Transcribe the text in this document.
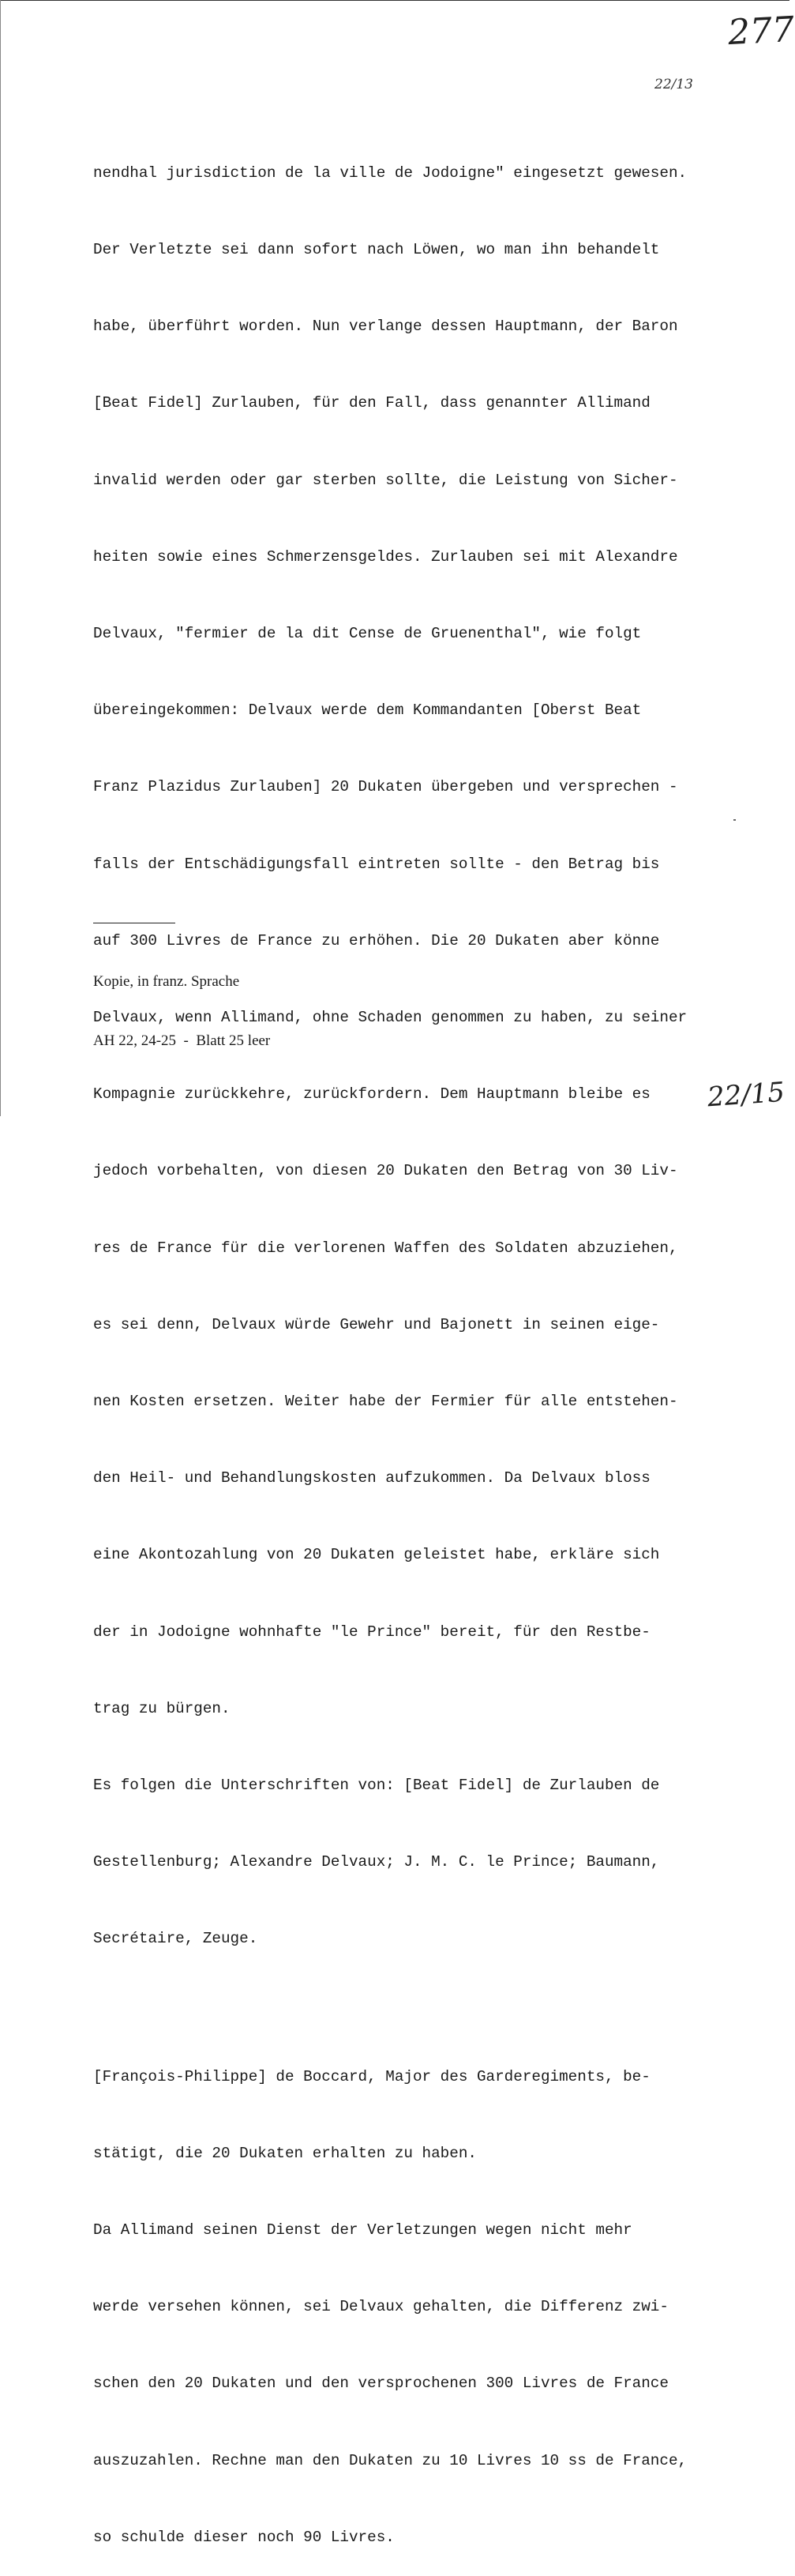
277
22/13

nendhal jurisdiction de la ville de Jodoigne" eingesetzt gewesen.

Der Verletzte sei dann sofort nach Löwen, wo man ihn behandelt

habe, überführt worden. Nun verlange dessen Hauptmann, der Baron

[Beat Fidel] Zurlauben, für den Fall, dass genannter Allimand

invalid werden oder gar sterben sollte, die Leistung von Sicher-

heiten sowie eines Schmerzensgeldes. Zurlauben sei mit Alexandre

Delvaux, "fermier de la dit Cense de Gruenenthal", wie folgt

übereingekommen: Delvaux werde dem Kommandanten [Oberst Beat

Franz Plazidus Zurlauben] 20 Dukaten übergeben und versprechen -

falls der Entschädigungsfall eintreten sollte - den Betrag bis

auf 300 Livres de France zu erhöhen. Die 20 Dukaten aber könne

Delvaux, wenn Allimand, ohne Schaden genommen zu haben, zu seiner

Kompagnie zurückkehre, zurückfordern. Dem Hauptmann bleibe es

jedoch vorbehalten, von diesen 20 Dukaten den Betrag von 30 Liv-

res de France für die verlorenen Waffen des Soldaten abzuziehen,

es sei denn, Delvaux würde Gewehr und Bajonett in seinen eige-

nen Kosten ersetzen. Weiter habe der Fermier für alle entstehen-

den Heil- und Behandlungskosten aufzukommen. Da Delvaux bloss

eine Akontozahlung von 20 Dukaten geleistet habe, erkläre sich

der in Jodoigne wohnhafte "le Prince" bereit, für den Restbe-

trag zu bürgen.

Es folgen die Unterschriften von: [Beat Fidel] de Zurlauben de

Gestellenburg; Alexandre Delvaux; J. M. C. le Prince; Baumann,

Secrétaire, Zeuge.

[François-Philippe] de Boccard, Major des Garderegiments, be-

stätigt, die 20 Dukaten erhalten zu haben.

Da Allimand seinen Dienst der Verletzungen wegen nicht mehr

werde versehen können, sei Delvaux gehalten, die Differenz zwi-

schen den 20 Dukaten und den versprochenen 300 Livres de France

auszuzahlen. Rechne man den Dukaten zu 10 Livres 10 ss de France,

so schulde dieser noch 90 Livres.

Kopie, in franz. Sprache

AH 22, 24-25  -  Blatt 25 leer

22/15
